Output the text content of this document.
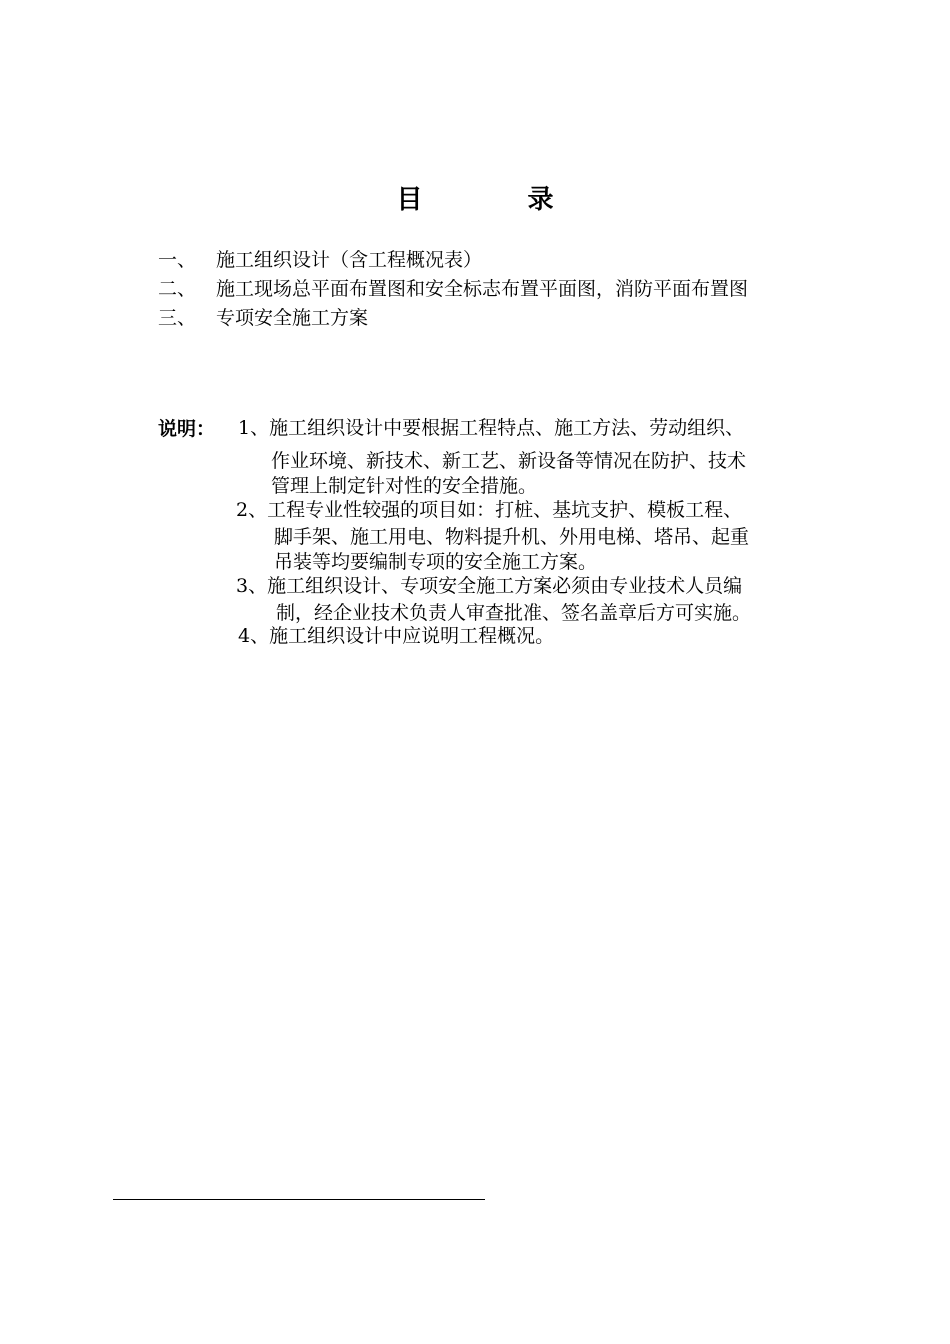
目 录
一、	施工组织设计（含工程概况表）
二、	施工现场总平面布置图和安全标志布置平面图，消防平面布置图
三、	专项安全施工方案
说明： 1、施工组织设计中要根据工程特点、施工方法、劳动组织、
作业环境、新技术、新工艺、新设备等情况在防护、技术
管理上制定针对性的安全措施。
2、工程专业性较强的项目如：打桩、基坑支护、模板工程、
脚手架、施工用电、物料提升机、外用电梯、塔吊、起重
吊装等均要编制专项的安全施工方案。
3、施工组织设计、专项安全施工方案必须由专业技术人员编
制，经企业技术负责人审查批准、签名盖章后方可实施。
4、施工组织设计中应说明工程概况。
